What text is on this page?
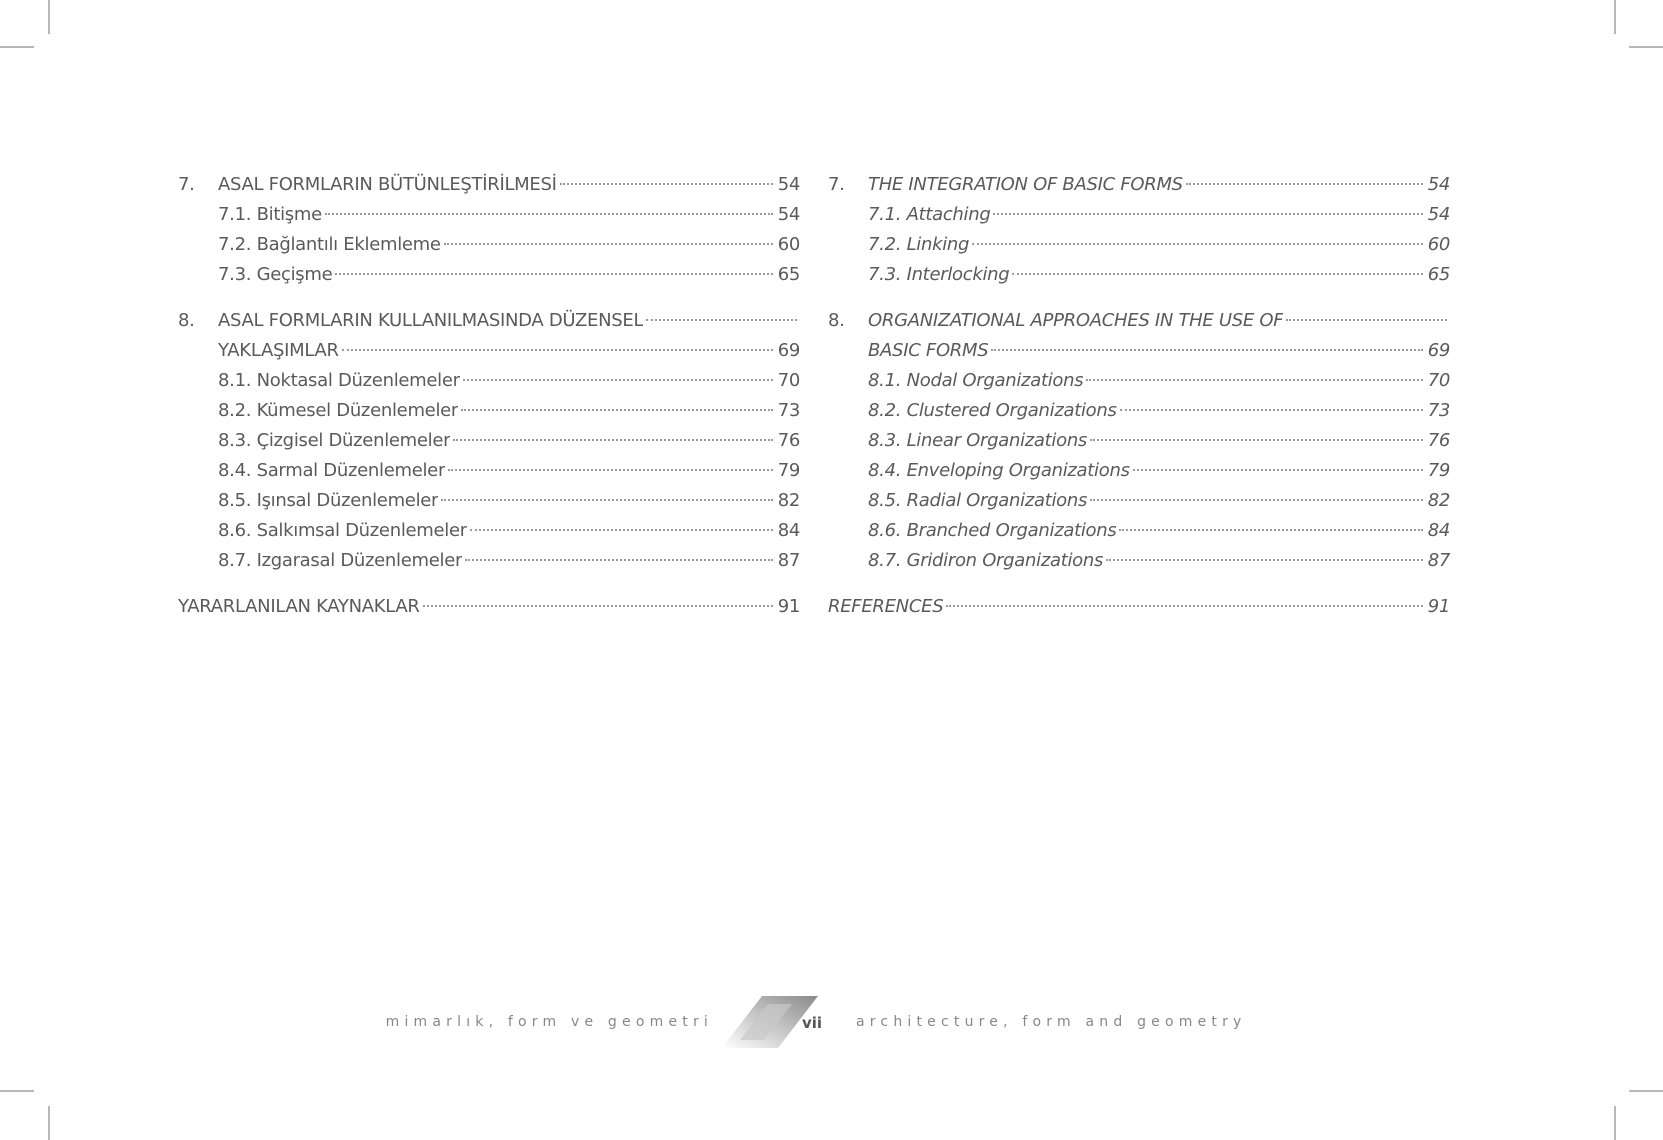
7.	ASAL FORMLARIN BÜTÜNLEŞTİRİLMESİ	54
7.1. Bitişme	54
7.2. Bağlantılı Eklemleme	60
7.3. Geçişme	65
8.	ASAL FORMLARIN KULLANILMASINDA DÜZENSEL
YAKLAŞIMLAR	69
8.1. Noktasal Düzenlemeler	70
8.2. Kümesel Düzenlemeler	73
8.3. Çizgisel Düzenlemeler	76
8.4. Sarmal Düzenlemeler	79
8.5. Işınsal Düzenlemeler	82
8.6. Salkımsal Düzenlemeler	84
8.7. Izgarasal Düzenlemeler	87
YARARLANILAN KAYNAKLAR	91
7.	THE INTEGRATION OF BASIC FORMS	54
7.1. Attaching	54
7.2. Linking	60
7.3. Interlocking	65
8.	ORGANIZATIONAL APPROACHES IN THE USE OF
BASIC FORMS	69
8.1. Nodal Organizations	70
8.2. Clustered Organizations	73
8.3. Linear Organizations	76
8.4. Enveloping Organizations	79
8.5. Radial Organizations	82
8.6. Branched Organizations	84
8.7. Gridiron Organizations	87
REFERENCES	91
mimarlık, form ve geometri	vii architecture, form and geometry
